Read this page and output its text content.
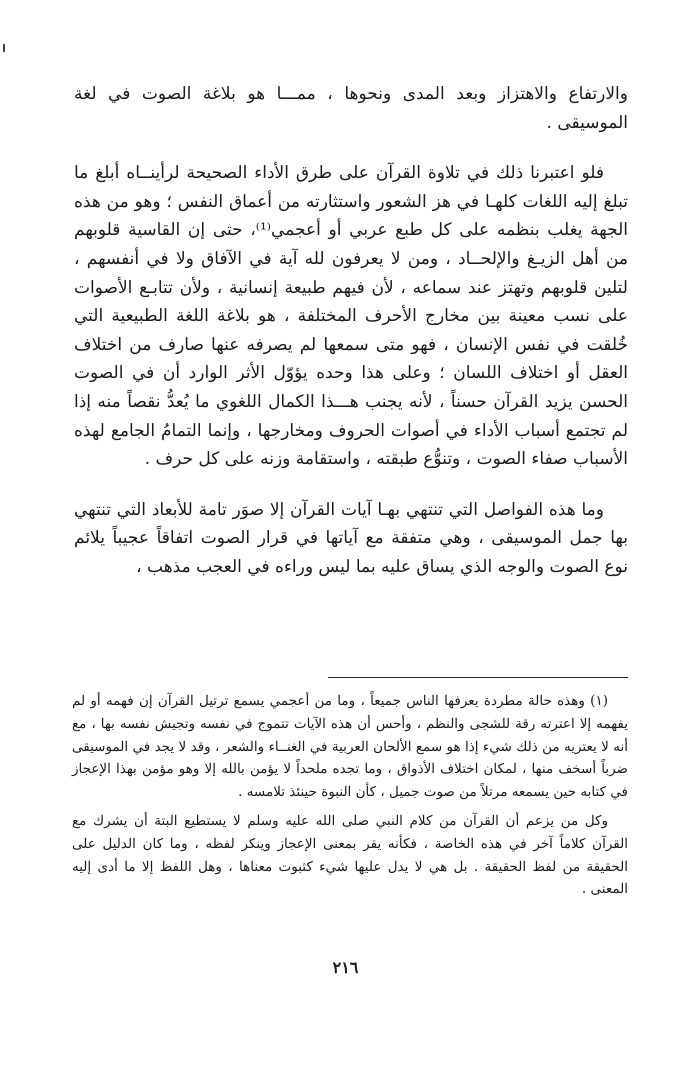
والارتفاع والاهتزاز وبعد المدى ونحوها ، ممـــا هو بلاغة الصوت في لغة الموسيقى .

فلو اعتبرنا ذلك في تلاوة القرآن على طرق الأداء الصحيحة لرأينــاه أبلغ ما تبلغ إليه اللغات كلهـا في هز الشعور واستثارته من أعماق النفس ؛ وهو من هذه الجهة يغلب بنظمه على كل طبع عربي أو أعجمي⁽¹⁾، حتى إن القاسية قلوبهم من أهل الزيـغ والإلحــاد ، ومن لا يعرفون لله آية في الآفاق ولا في أنفسهم ، لتلين قلوبهم وتهتز عند سماعه ، لأن فيهم طبيعة إنسانية ، ولأن تتابـع الأصوات على نسب معينة بين مخارج الأحرف المختلفة ، هو بلاغة اللغة الطبيعية التي خُلقت في نفس الإنسان ، فهو متى سمعها لم يصرفه عنها صارف من اختلاف العقل أو اختلاف اللسان ؛ وعلى هذا وحده يؤوّل الأثر الوارد أن في الصوت الحسن يزيد القرآن حسناً ، لأنه يجنب هـــذا الكمال اللغوي ما يُعدُّ نقصاً منه إذا لم تجتمع أسباب الأداء في أصوات الحروف ومخارجها ، وإنما التمامُ الجامع لهذه الأسباب صفاء الصوت ، وتنوُّع طبقته ، واستقامة وزنه على كل حرف .

وما هذه الفواصل التي تنتهي بهـا آيات القرآن إلا صوَر تامة للأبعاد التي تنتهي بها جمل الموسيقى ، وهي متفقة مع آياتها في قرار الصوت اتفاقاً عجيباً يلائم نوع الصوت والوجه الذي يساق عليه بما ليس وراءه في العجب مذهب ،

(١) وهذه حالة مطردة يعرفها الناس جميعاً ، وما من أعجمي يسمع ترتيل القرآن إن فهمه أو لم يفهمه إلا اعترته رقة للشجى والنظم ، وأحس أن هذه الآيات تتموج في نفسه وتجيش نفسه بها ، مع أنه لا يعتريه من ذلك شيء إذا هو سمع الألحان العربية في الغنــاء والشعر ، وقد لا يجد في الموسيقى ضرباً أسخف منها ، لمكان اختلاف الأذواق ، وما تجده ملحداً لا يؤمن بالله إلا وهو مؤمن بهذا الإعجاز في كتابه حين يسمعه مرتلاً من صوت جميل ، كأن النبوة حينئذ تلامسه .

وكل من يزعم أن القرآن من كلام النبي صلى الله عليه وسلم لا يستطيع البتة أن يشرك مع القرآن كلاماً آخر في هذه الخاصة ، فكأنه يقر بمعنى الإعجاز وينكر لفظه ، وما كان الدليل على الحقيقة من لفظ الحقيقة . بل هي لا يدل عليها شيء كثبوت معناها ، وهل اللفظ إلا ما أدى إليه المعنى .

٢١٦
